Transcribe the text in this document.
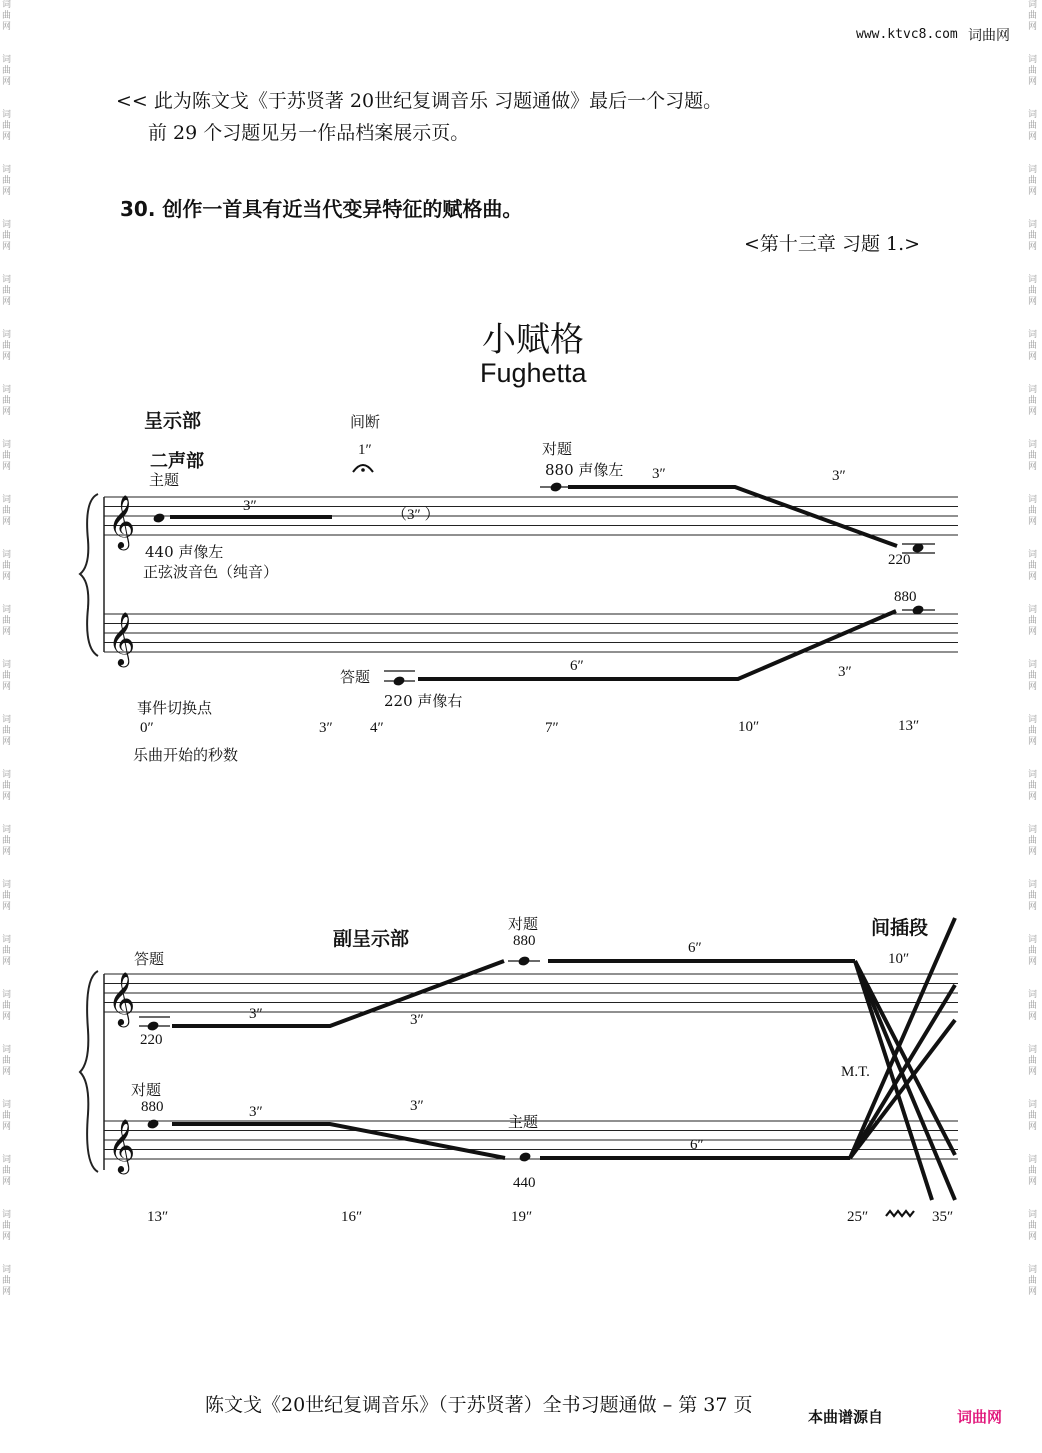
词
曲
网

词
曲
网

词
曲
网

词
曲
网

词
曲
网

词
曲
网

词
曲
网

词
曲
网

词
曲
网

词
曲
网

词
曲
网

词
曲
网

词
曲
网

词
曲
网

词
曲
网

词
曲
网

词
曲
网

词
曲
网

词
曲
网

词
曲
网

词
曲
网

词
曲
网

词
曲
网

词
曲
网

词
曲
网

词
曲
网

词
曲
网

词
曲
网

词
曲
网

词
曲
网

词
曲
网

词
曲
网

词
曲
网

词
曲
网

词
曲
网

词
曲
网

词
曲
网

词
曲
网

词
曲
网

词
曲
网

词
曲
网

词
曲
网

词
曲
网

词
曲
网

词
曲
网

词
曲
网

词
曲
网

词
曲
网

www.ktvc8.com 词曲网
<< 此为陈文戈《于苏贤著 20世纪复调音乐 习题通做》最后一个习题。
前 29 个习题见另一作品档案展示页。
30. 创作一首具有近当代变异特征的赋格曲。
<第十三章 习题 1.>
小赋格
Fughetta
𝄞
𝄞
𝄞
𝄞
呈示部
二声部
间断
1″
主题
3″
（3″ ）
440 声像左
正弦波音色（纯音）
对题
880 声像左 3″	3″
220
答题
220 声像右
6″	3″
880
事件切换点
0″	3″ 4″	7″	10″	13″
乐曲开始的秒数
副呈示部	间插段
答题
220
3″	3″
对题
880	6″
10″
M.T.
对题
880	3″	3″
主题
440
6″
13″	16″	19″	25″	35″
陈文戈《20世纪复调音乐》（于苏贤著）全书习题通做 – 第 37 页
本曲谱源自	词曲网
